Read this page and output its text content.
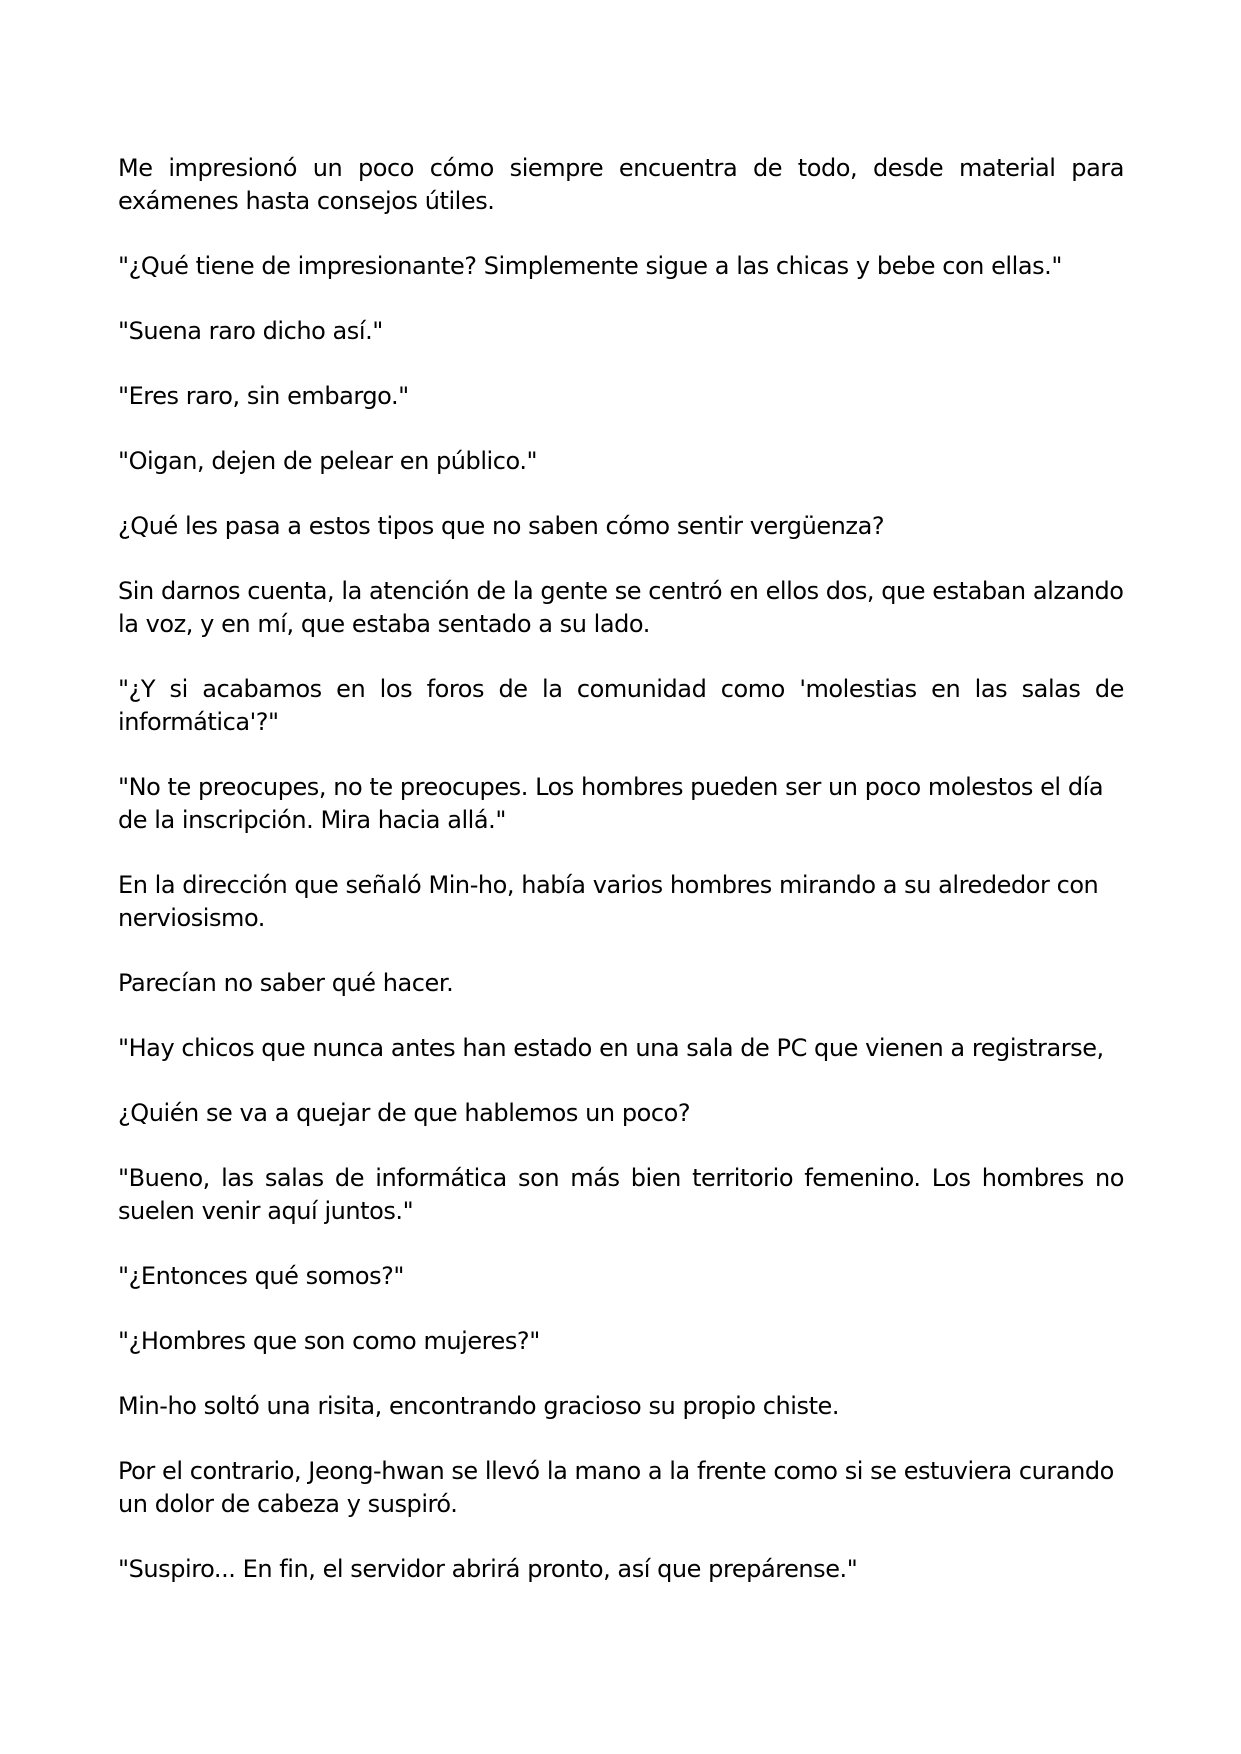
Me impresionó un poco cómo siempre encuentra de todo, desde material para exámenes hasta consejos útiles.

"¿Qué tiene de impresionante? Simplemente sigue a las chicas y bebe con ellas."

"Suena raro dicho así."

"Eres raro, sin embargo."

"Oigan, dejen de pelear en público."

¿Qué les pasa a estos tipos que no saben cómo sentir vergüenza?

Sin darnos cuenta, la atención de la gente se centró en ellos dos, que estaban alzando la voz, y en mí, que estaba sentado a su lado.

"¿Y si acabamos en los foros de la comunidad como 'molestias en las salas de informática'?"

"No te preocupes, no te preocupes. Los hombres pueden ser un poco molestos el día de la inscripción. Mira hacia allá."

En la dirección que señaló Min-ho, había varios hombres mirando a su alrededor con nerviosismo.

Parecían no saber qué hacer.

"Hay chicos que nunca antes han estado en una sala de PC que vienen a registrarse,

¿Quién se va a quejar de que hablemos un poco?

"Bueno, las salas de informática son más bien territorio femenino. Los hombres no suelen venir aquí juntos."

"¿Entonces qué somos?"

"¿Hombres que son como mujeres?"

Min-ho soltó una risita, encontrando gracioso su propio chiste.

Por el contrario, Jeong-hwan se llevó la mano a la frente como si se estuviera curando un dolor de cabeza y suspiró.

"Suspiro... En fin, el servidor abrirá pronto, así que prepárense."
